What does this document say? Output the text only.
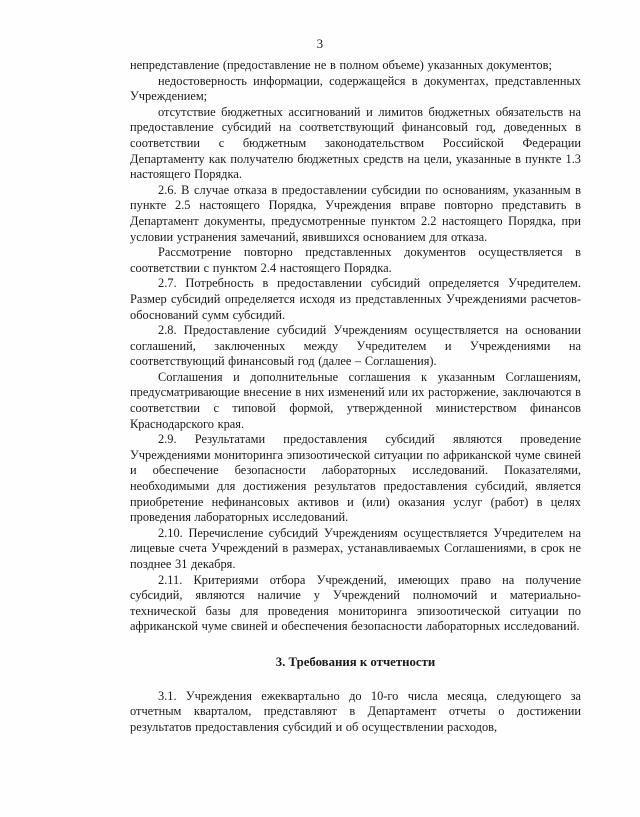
3

непредставление (предоставление не в полном объеме) указанных документов;

недостоверность информации, содержащейся в документах, представленных Учреждением;

отсутствие бюджетных ассигнований и лимитов бюджетных обязательств на предоставление субсидий на соответствующий финансовый год, доведенных в соответствии с бюджетным законодательством Российской Федерации Департаменту как получателю бюджетных средств на цели, указанные в пункте 1.3 настоящего Порядка.

2.6. В случае отказа в предоставлении субсидии по основаниям, указанным в пункте 2.5 настоящего Порядка, Учреждения вправе повторно представить в Департамент документы, предусмотренные пунктом 2.2 настоящего Порядка, при условии устранения замечаний, явившихся основанием для отказа.

Рассмотрение повторно представленных документов осуществляется в соответствии с пунктом 2.4 настоящего Порядка.

2.7. Потребность в предоставлении субсидий определяется Учредителем. Размер субсидий определяется исходя из представленных Учреждениями расчетов-обоснований сумм субсидий.

2.8. Предоставление субсидий Учреждениям осуществляется на основании соглашений, заключенных между Учредителем и Учреждениями на соответствующий финансовый год (далее – Соглашения).

Соглашения и дополнительные соглашения к указанным Соглашениям, предусматривающие внесение в них изменений или их расторжение, заключаются в соответствии с типовой формой, утвержденной министерством финансов Краснодарского края.

2.9. Результатами предоставления субсидий являются проведение Учреждениями мониторинга эпизоотической ситуации по африканской чуме свиней и обеспечение безопасности лабораторных исследований. Показателями, необходимыми для достижения результатов предоставления субсидий, является приобретение нефинансовых активов и (или) оказания услуг (работ) в целях проведения лабораторных исследований.

2.10. Перечисление субсидий Учреждениям осуществляется Учредителем на лицевые счета Учреждений в размерах, устанавливаемых Соглашениями, в срок не позднее 31 декабря.

2.11. Критериями отбора Учреждений, имеющих право на получение субсидий, являются наличие у Учреждений полномочий и материально-технической базы для проведения мониторинга эпизоотической ситуации по африканской чуме свиней и обеспечения безопасности лабораторных исследований.

3. Требования к отчетности

3.1. Учреждения ежеквартально до 10-го числа месяца, следующего за отчетным кварталом, представляют в Департамент отчеты о достижении результатов предоставления субсидий и об осуществлении расходов,
